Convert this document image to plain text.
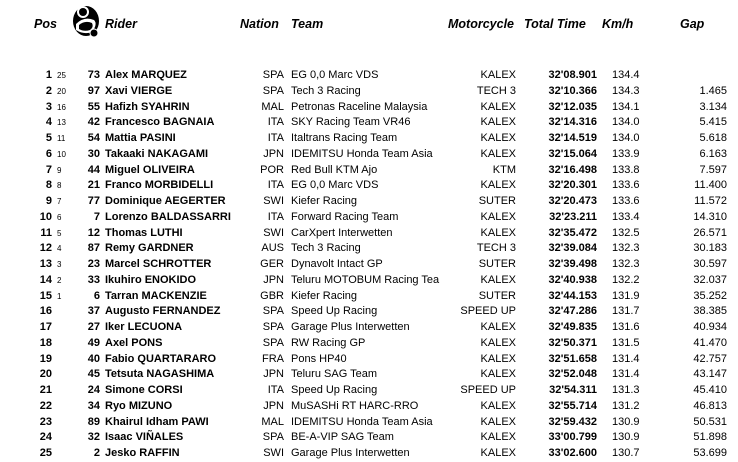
Pos	Rider	Nation Team	Motorcycle Total Time Km/h	Gap
1 25	73 Alex MARQUEZ	SPA EG 0,0 Marc VDS	KALEX	32'08.901 134.4
2 20	97 Xavi VIERGE	SPA Tech 3 Racing	TECH 3	32'10.366 134.3	1.465
3 16	55 Hafizh SYAHRIN	MAL Petronas Raceline Malaysia	KALEX	32'12.035 134.1	3.134
4 13	42 Francesco BAGNAIA	ITA SKY Racing Team VR46	KALEX	32'14.316 134.0	5.415
5 11	54 Mattia PASINI	ITA Italtrans Racing Team	KALEX	32'14.519 134.0	5.618
6 10	30 Takaaki NAKAGAMI	JPN IDEMITSU Honda Team Asia	KALEX	32'15.064 133.9	6.163
7 9	44 Miguel OLIVEIRA	POR Red Bull KTM Ajo	KTM	32'16.498 133.8	7.597
8 8	21 Franco MORBIDELLI	ITA EG 0,0 Marc VDS	KALEX	32'20.301 133.6	11.400
9 7	77 Dominique AEGERTER	SWI Kiefer Racing	SUTER	32'20.473 133.6	11.572
10 6	7 Lorenzo BALDASSARRI	ITA Forward Racing Team	KALEX	32'23.211 133.4	14.310
11 5	12 Thomas LUTHI	SWI CarXpert Interwetten	KALEX	32'35.472 132.5	26.571
12 4	87 Remy GARDNER	AUS Tech 3 Racing	TECH 3	32'39.084 132.3	30.183
13 3	23 Marcel SCHROTTER	GER Dynavolt Intact GP	SUTER	32'39.498 132.3	30.597
14 2	33 Ikuhiro ENOKIDO	JPN Teluru MOTOBUM Racing Tea	KALEX	32'40.938 132.2	32.037
15 1	6 Tarran MACKENZIE	GBR Kiefer Racing	SUTER	32'44.153 131.9	35.252
16	37 Augusto FERNANDEZ	SPA Speed Up Racing	SPEED UP	32'47.286 131.7	38.385
17	27 Iker LECUONA	SPA Garage Plus Interwetten	KALEX	32'49.835 131.6	40.934
18	49 Axel PONS	SPA RW Racing GP	KALEX	32'50.371 131.5	41.470
19	40 Fabio QUARTARARO	FRA Pons HP40	KALEX	32'51.658 131.4	42.757
20	45 Tetsuta NAGASHIMA	JPN Teluru SAG Team	KALEX	32'52.048 131.4	43.147
21	24 Simone CORSI	ITA Speed Up Racing	SPEED UP	32'54.311 131.3	45.410
22	34 Ryo MIZUNO	JPN MuSASHi RT HARC-RRO	KALEX	32'55.714 131.2	46.813
23	89 Khairul Idham PAWI	MAL IDEMITSU Honda Team Asia	KALEX	32'59.432 130.9	50.531
24	32 Isaac VIÑALES	SPA BE-A-VIP SAG Team	KALEX	33'00.799 130.9	51.898
25	2 Jesko RAFFIN	SWI Garage Plus Interwetten	KALEX	33'02.600 130.7	53.699
